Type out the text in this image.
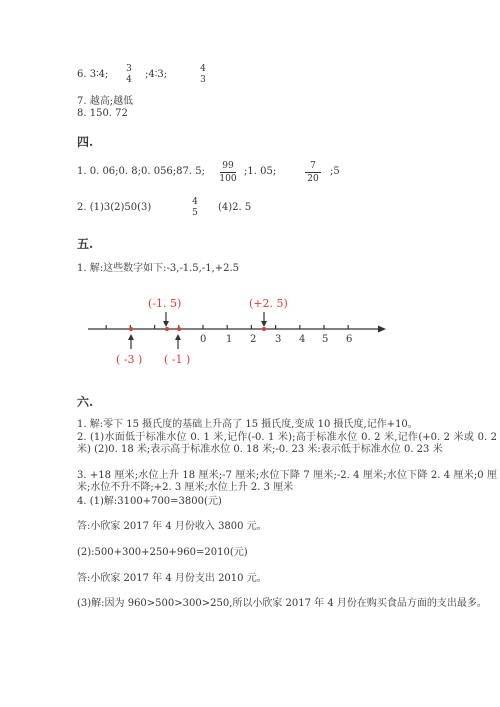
6. 3∶4;	3
4	;4∶3;	4
3
7. 越高;越低
8. 150. 72
四.
1. 0. 06;0. 8;0. 056;87. 5;	99
100
;1. 05;	7
20
;5
2. (1)3(2)50(3)	4
5	(4)2. 5
五.
1. 解:这些数字如下:-3,-1.5,-1,+2.5
(-1. 5)	(+2. 5)
( -3 ) ( -1 )
0 1 2 3 4 5 6
六.
1. 解:零下 15 摄氏度的基础上升高了 15 摄氏度,变成 10 摄氏度,记作+10。
2. (1)水面低于标准水位 0. 1 米,记作(-0. 1 米);高于标准水位 0. 2 米,记作(+0. 2 米或 0. 2 米) (2)0. 18 米;表示高于标准水位 0. 18 米;-0. 23 米:表示低于标准水位 0. 23 米
3. +18 厘米;水位上升 18 厘米;-7 厘米;水位下降 7 厘米;-2. 4 厘米;水位下降 2. 4 厘米;0 厘米;水位不升不降;+2. 3 厘米;水位上升 2. 3 厘米
4. (1)解:3100+700=3800(元)
答:小欣家 2017 年 4 月份收入 3800 元。
(2):500+300+250+960=2010(元)
答:小欣家 2017 年 4 月份支出 2010 元。
(3)解:因为 960>500>300>250,所以小欣家 2017 年 4 月份在购买食品方面的支出最多。
